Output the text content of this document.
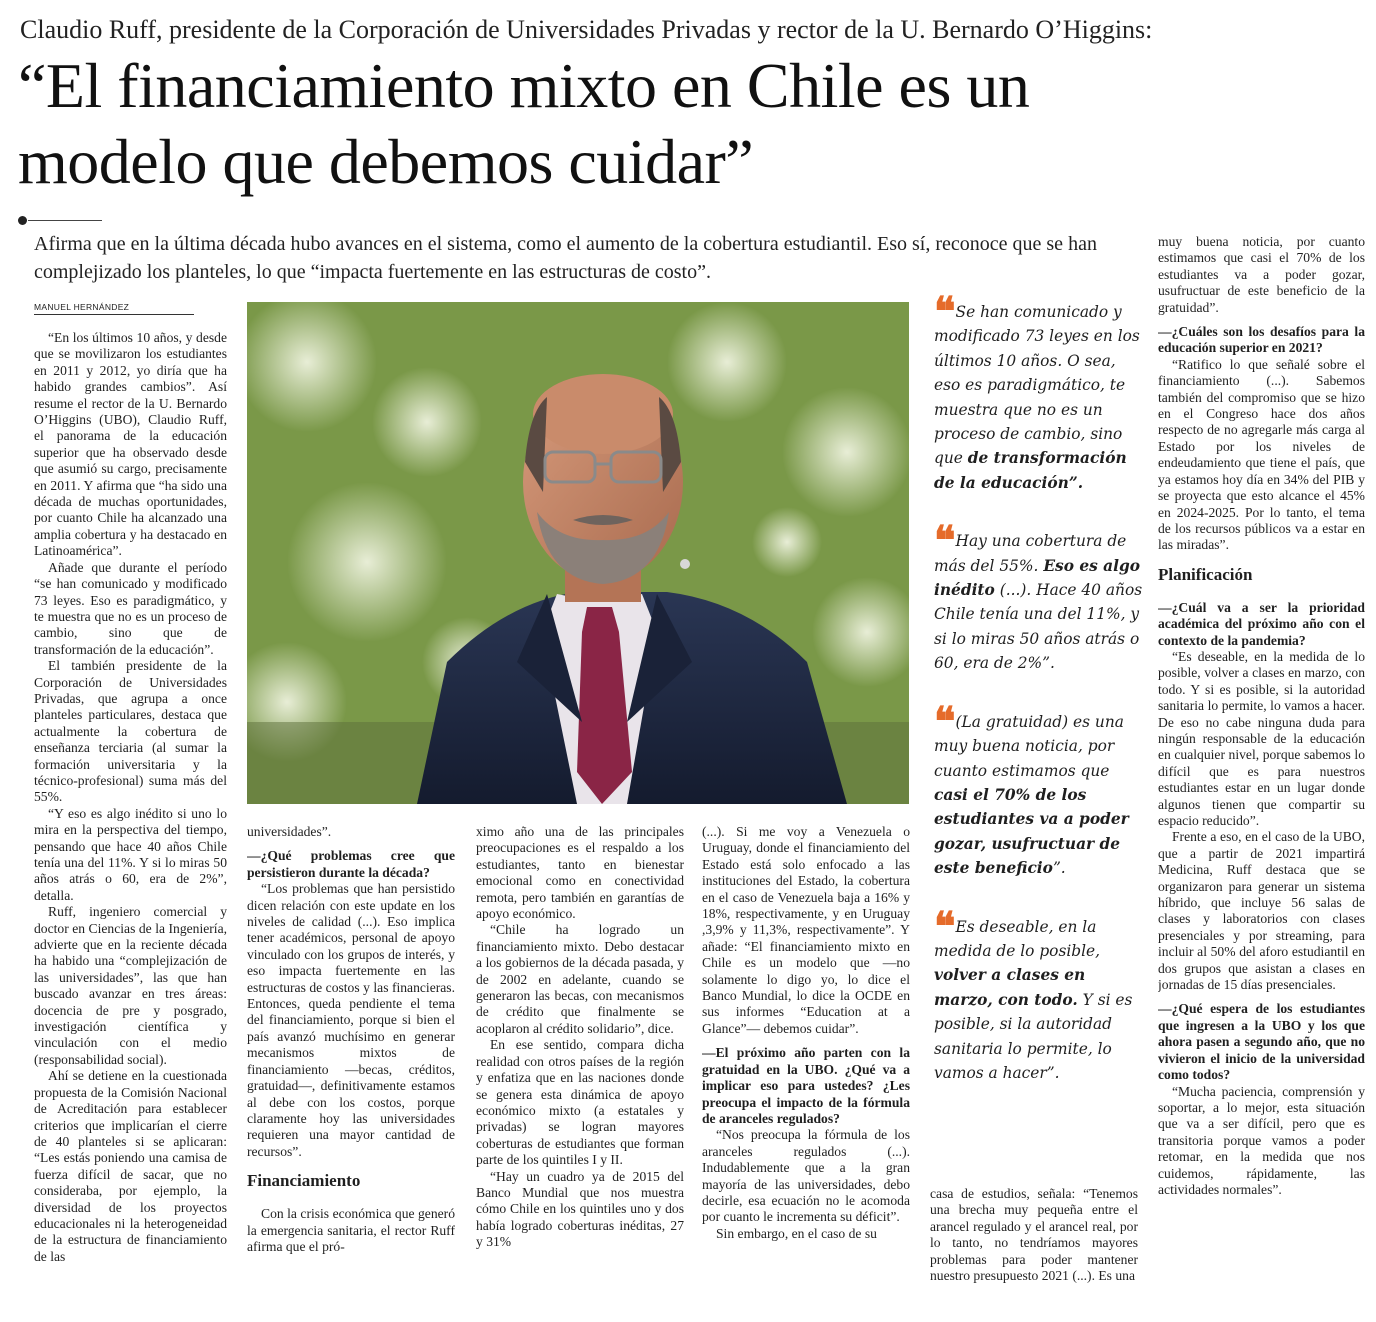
Claudio Ruff, presidente de la Corporación de Universidades Privadas y rector de la U. Bernardo O’Higgins:
“El financiamiento mixto en Chile es un
modelo que debemos cuidar”
Afirma que en la última década hubo avances en el sistema, como el aumento de la cobertura estudiantil. Eso sí, reconoce que se han complejizado los planteles, lo que “impacta fuertemente en las estructuras de costo”.
MANUEL HERNÁNDEZ

“En los últimos 10 años, y desde que se movilizaron los estudiantes en 2011 y 2012, yo diría que ha habido grandes cambios”. Así resume el rector de la U. Bernardo O’Higgins (UBO), Claudio Ruff, el panorama de la educación superior que ha observado desde que asumió su cargo, precisamente en 2011. Y afirma que “ha sido una década de muchas oportunidades, por cuanto Chile ha alcanzado una amplia cobertura y ha destacado en Latinoamérica”.

Añade que durante el período “se han comunicado y modificado 73 leyes. Eso es paradigmático, y te muestra que no es un proceso de cambio, sino que de transformación de la educación”.

El también presidente de la Corporación de Universidades Privadas, que agrupa a once planteles particulares, destaca que actualmente la cobertura de enseñanza terciaria (al sumar la formación universitaria y la técnico-profesional) suma más del 55%.

“Y eso es algo inédito si uno lo mira en la perspectiva del tiempo, pensando que hace 40 años Chile tenía una del 11%. Y si lo miras 50 años atrás o 60, era de 2%”, detalla.

Ruff, ingeniero comercial y doctor en Ciencias de la Ingeniería, advierte que en la reciente década ha habido una “complejización de las universidades”, las que han buscado avanzar en tres áreas: docencia de pre y posgrado, investigación científica y vinculación con el medio (responsabilidad social).

Ahí se detiene en la cuestionada propuesta de la Comisión Nacional de Acreditación para establecer criterios que implicarían el cierre de 40 planteles si se aplicaran: “Les estás poniendo una camisa de fuerza difícil de sacar, que no consideraba, por ejemplo, la diversidad de los proyectos educacionales ni la heterogeneidad de la estructura de financiamiento de las

universidades”.

—¿Qué problemas cree que persistieron durante la década?

“Los problemas que han persistido dicen relación con este update en los niveles de calidad (...). Eso implica tener académicos, personal de apoyo vinculado con los grupos de interés, y eso impacta fuertemente en las estructuras de costos y las financieras. Entonces, queda pendiente el tema del financiamiento, porque si bien el país avanzó muchísimo en generar mecanismos mixtos de financiamiento —becas, créditos, gratuidad—, definitivamente estamos al debe con los costos, porque claramente hoy las universidades requieren una mayor cantidad de recursos”.

Financiamiento

Con la crisis económica que generó la emergencia sanitaria, el rector Ruff afirma que el pró-

ximo año una de las principales preocupaciones es el respaldo a los estudiantes, tanto en bienestar emocional como en conectividad remota, pero también en garantías de apoyo económico.

“Chile ha logrado un financiamiento mixto. Debo destacar a los gobiernos de la década pasada, y de 2002 en adelante, cuando se generaron las becas, con mecanismos de crédito que finalmente se acoplaron al crédito solidario”, dice.

En ese sentido, compara dicha realidad con otros países de la región y enfatiza que en las naciones donde se genera esta dinámica de apoyo económico mixto (a estatales y privadas) se logran mayores coberturas de estudiantes que forman parte de los quintiles I y II.

“Hay un cuadro ya de 2015 del Banco Mundial que nos muestra cómo Chile en los quintiles uno y dos había logrado coberturas inéditas, 27 y 31%

(...). Si me voy a Venezuela o Uruguay, donde el financiamiento del Estado está solo enfocado a las instituciones del Estado, la cobertura en el caso de Venezuela baja a 16% y 18%, respectivamente, y en Uruguay ,3,9% y 11,3%, respectivamente”. Y añade: “El financiamiento mixto en Chile es un modelo que —no solamente lo digo yo, lo dice el Banco Mundial, lo dice la OCDE en sus informes “Education at a Glance”— debemos cuidar”.

—El próximo año parten con la gratuidad en la UBO. ¿Qué va a implicar eso para ustedes? ¿Les preocupa el impacto de la fórmula de aranceles regulados?

“Nos preocupa la fórmula de los aranceles regulados (...). Indudablemente que a la gran mayoría de las universidades, debo decirle, esa ecuación no le acomoda por cuanto le incrementa su déficit”.

Sin embargo, en el caso de su

❝ Se han comunicado y modificado 73 leyes en los últimos 10 años. O sea, eso es paradigmático, te muestra que no es un proceso de cambio, sino que de transformación de la educación”.
❝ Hay una cobertura de más del 55%. Eso es algo inédito (...). Hace 40 años Chile tenía una del 11%, y si lo miras 50 años atrás o 60, era de 2%”.
❝ (La gratuidad) es una muy buena noticia, por cuanto estimamos que casi el 70% de los estudiantes va a poder gozar, usufructuar de este beneficio”.
❝ Es deseable, en la medida de lo posible, volver a clases en marzo, con todo. Y si es posible, si la autoridad sanitaria lo permite, lo vamos a hacer”.

casa de estudios, señala: “Tenemos una brecha muy pequeña entre el arancel regulado y el arancel real, por lo tanto, no tendríamos mayores problemas para poder mantener nuestro presupuesto 2021 (...). Es una

muy buena noticia, por cuanto estimamos que casi el 70% de los estudiantes va a poder gozar, usufructuar de este beneficio de la gratuidad”.

—¿Cuáles son los desafíos para la educación superior en 2021?

“Ratifico lo que señalé sobre el financiamiento (...). Sabemos también del compromiso que se hizo en el Congreso hace dos años respecto de no agregarle más carga al Estado por los niveles de endeudamiento que tiene el país, que ya estamos hoy día en 34% del PIB y se proyecta que esto alcance el 45% en 2024-2025. Por lo tanto, el tema de los recursos públicos va a estar en las miradas”.

Planificación

—¿Cuál va a ser la prioridad académica del próximo año con el contexto de la pandemia?

“Es deseable, en la medida de lo posible, volver a clases en marzo, con todo. Y si es posible, si la autoridad sanitaria lo permite, lo vamos a hacer. De eso no cabe ninguna duda para ningún responsable de la educación en cualquier nivel, porque sabemos lo difícil que es para nuestros estudiantes estar en un lugar donde algunos tienen que compartir su espacio reducido”.

Frente a eso, en el caso de la UBO, que a partir de 2021 impartirá Medicina, Ruff destaca que se organizaron para generar un sistema híbrido, que incluye 56 salas de clases y laboratorios con clases presenciales y por streaming, para incluir al 50% del aforo estudiantil en dos grupos que asistan a clases en jornadas de 15 días presenciales.

—¿Qué espera de los estudiantes que ingresen a la UBO y los que ahora pasen a segundo año, que no vivieron el inicio de la universidad como todos?

“Mucha paciencia, comprensión y soportar, a lo mejor, esta situación que va a ser difícil, pero que es transitoria porque vamos a poder retomar, en la medida que nos cuidemos, rápidamente, las actividades normales”.
